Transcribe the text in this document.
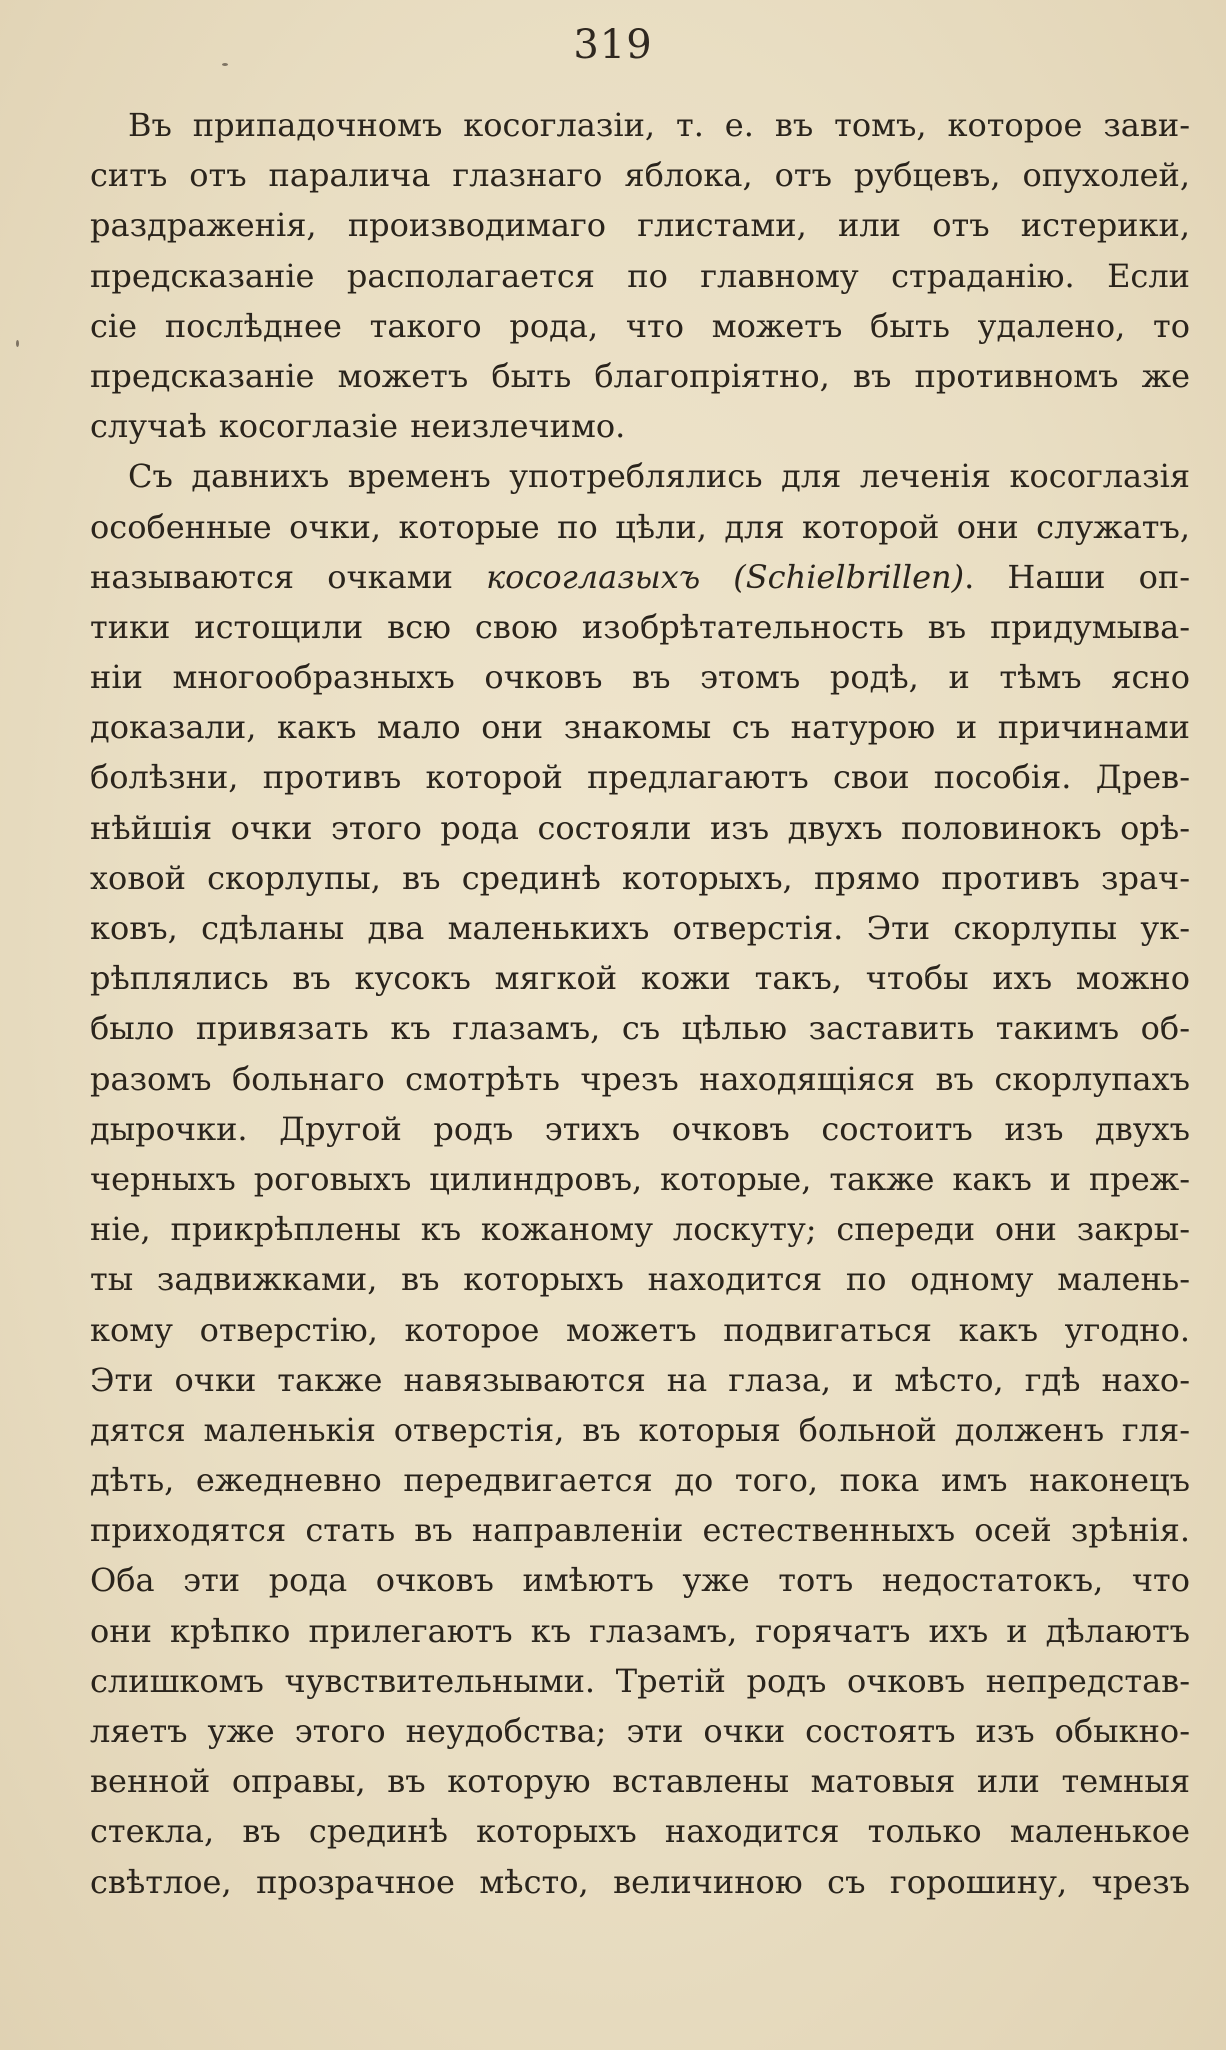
319
Въ припадочномъ косоглазіи, т. е. въ томъ, которое зави-
ситъ отъ паралича глазнаго яблока, отъ рубцевъ, опухолей,
раздраженія, производимаго глистами, или отъ истерики,
предсказаніе располагается по главному страданію. Если
сіе послѣднее такого рода, что можетъ быть удалено, то
предсказаніе можетъ быть благопріятно, въ противномъ же
случаѣ косоглазіе неизлечимо.
Съ давнихъ временъ употреблялись для леченія косоглазія
особенные очки, которые по цѣли, для которой они служатъ,
называются очками косоглазыхъ (Schielbrillen). Наши оп-
тики истощили всю свою изобрѣтательность въ придумыва-
ніи многообразныхъ очковъ въ этомъ родѣ, и тѣмъ ясно
доказали, какъ мало они знакомы съ натурою и причинами
болѣзни, противъ которой предлагаютъ свои пособія. Древ-
нѣйшія очки этого рода состояли изъ двухъ половинокъ орѣ-
ховой скорлупы, въ срединѣ которыхъ, прямо противъ зрач-
ковъ, сдѣланы два маленькихъ отверстія. Эти скорлупы ук-
рѣплялись въ кусокъ мягкой кожи такъ, чтобы ихъ можно
было привязать къ глазамъ, съ цѣлью заставить такимъ об-
разомъ больнаго смотрѣть чрезъ находящіяся въ скорлупахъ
дырочки. Другой родъ этихъ очковъ состоитъ изъ двухъ
черныхъ роговыхъ цилиндровъ, которые, также какъ и преж-
ніе, прикрѣплены къ кожаному лоскуту; спереди они закры-
ты задвижками, въ которыхъ находится по одному малень-
кому отверстію, которое можетъ подвигаться какъ угодно.
Эти очки также навязываются на глаза, и мѣсто, гдѣ нахо-
дятся маленькія отверстія, въ которыя больной долженъ гля-
дѣть, ежедневно передвигается до того, пока имъ наконецъ
приходятся стать въ направленіи естественныхъ осей зрѣнія.
Оба эти рода очковъ имѣютъ уже тотъ недостатокъ, что
они крѣпко прилегаютъ къ глазамъ, горячатъ ихъ и дѣлаютъ
слишкомъ чувствительными. Третій родъ очковъ непредстав-
ляетъ уже этого неудобства; эти очки состоятъ изъ обыкно-
венной оправы, въ которую вставлены матовыя или темныя
стекла, въ срединѣ которыхъ находится только маленькое
свѣтлое, прозрачное мѣсто, величиною съ горошину, чрезъ
